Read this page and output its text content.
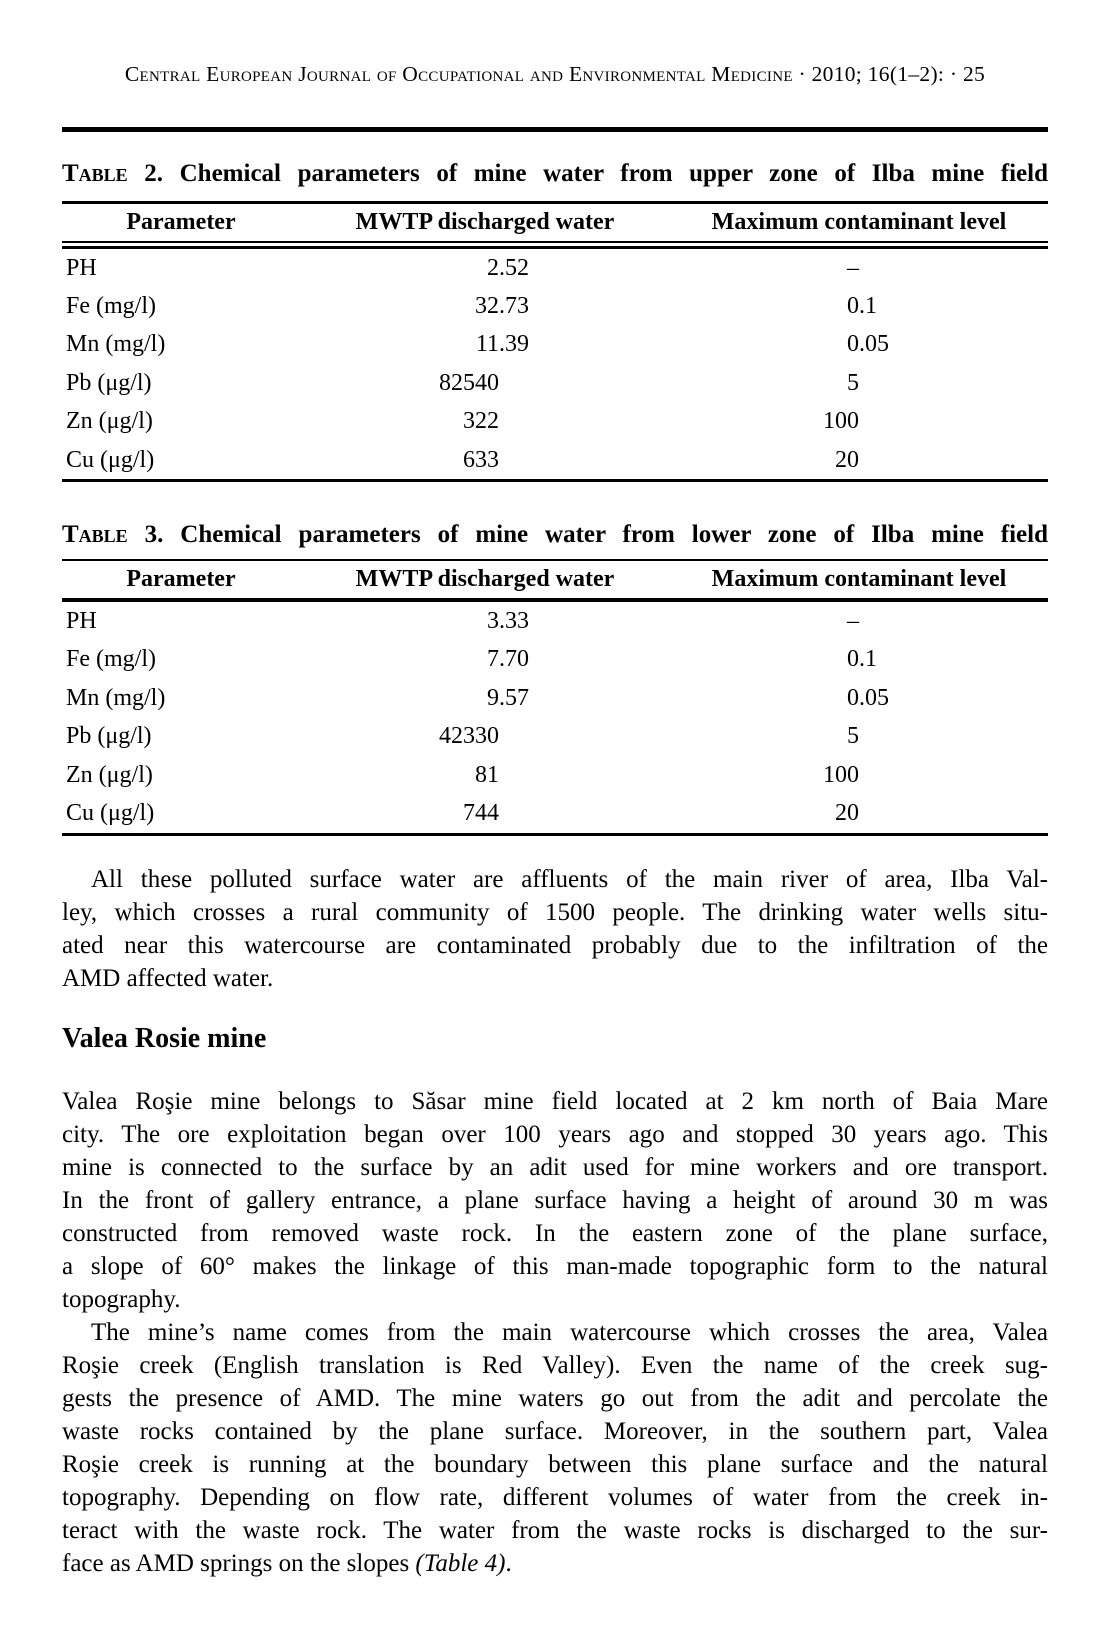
Central European Journal of Occupational and Environmental Medicine · 2010; 16(1–2): · 25
Table 2. Chemical parameters of mine water from upper zone of Ilba mine field
Parameter	MWTP discharged water	Maximum contaminant level
PH	2 .52	–
Fe (mg/l)	32 .73	0 .1
Mn (mg/l)	11 .39	0 .05
Pb (μg/l)	82540	5
Zn (μg/l)	322	100
Cu (μg/l)	633	20
Table 3. Chemical parameters of mine water from lower zone of Ilba mine field
Parameter	MWTP discharged water	Maximum contaminant level
PH	3 .33	–
Fe (mg/l)	7 .70	0 .1
Mn (mg/l)	9 .57	0 .05
Pb (μg/l)	42330	5
Zn (μg/l)	81	100
Cu (μg/l)	744	20
All these polluted surface water are affluents of the main river of area, Ilba Val-
ley, which crosses a rural community of 1500 people. The drinking water wells situ-
ated near this watercourse are contaminated probably due to the infiltration of the
AMD affected water.
Valea Rosie mine
Valea Roşie mine belongs to Săsar mine field located at 2 km north of Baia Mare
city. The ore exploitation began over 100 years ago and stopped 30 years ago. This
mine is connected to the surface by an adit used for mine workers and ore transport.
In the front of gallery entrance, a plane surface having a height of around 30 m was
constructed from removed waste rock. In the eastern zone of the plane surface,
a slope of 60° makes the linkage of this man-made topographic form to the natural
topography.
The mine’s name comes from the main watercourse which crosses the area, Valea
Roşie creek (English translation is Red Valley). Even the name of the creek sug-
gests the presence of AMD. The mine waters go out from the adit and percolate the
waste rocks contained by the plane surface. Moreover, in the southern part, Valea
Roşie creek is running at the boundary between this plane surface and the natural
topography. Depending on flow rate, different volumes of water from the creek in-
teract with the waste rock. The water from the waste rocks is discharged to the sur-
face as AMD springs on the slopes (Table 4).
